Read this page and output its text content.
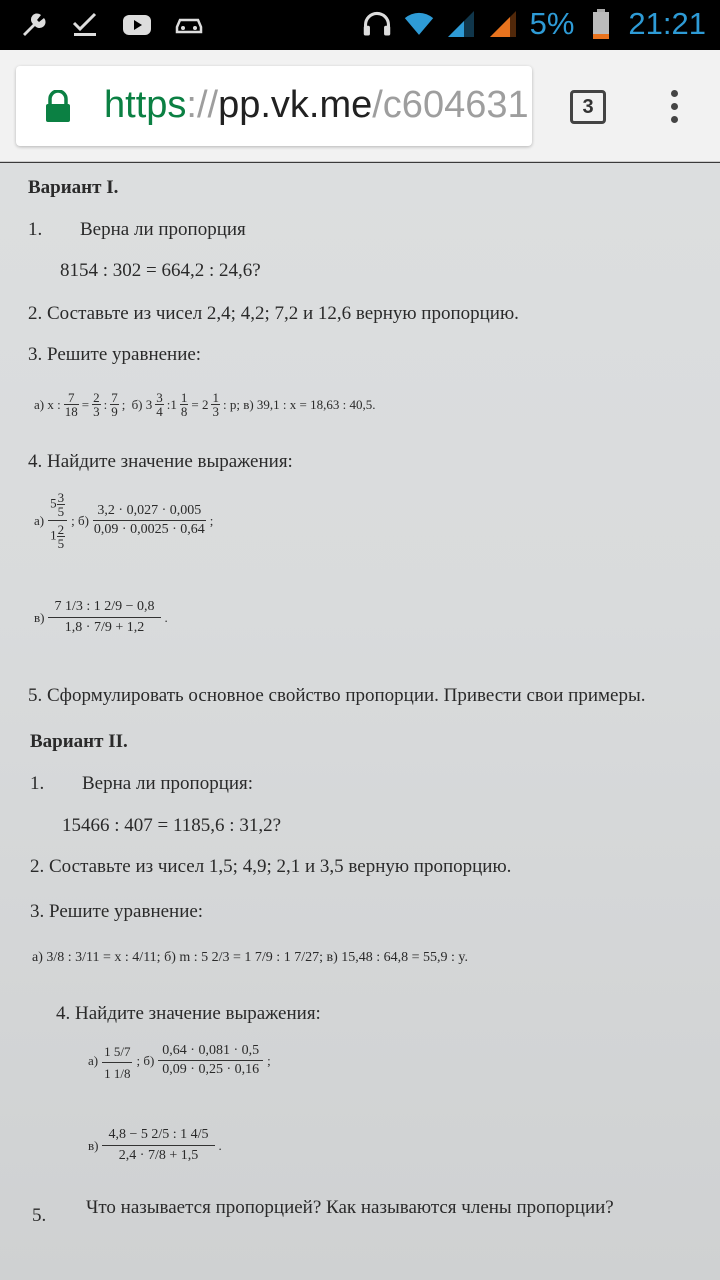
5% 21:21
https://pp.vk.me/c604631	3
Вариант I.
1. Верна ли пропорция
8154 : 302 = 664,2 : 24,6?
2. Составьте из чисел 2,4; 4,2; 7,2 и 12,6 верную пропорцию.
3. Решите уравнение:
а) x : $\frac{7}{18} = \frac{2}{3}$ : $\frac{7}{9}$ ; б) $3 \frac{3}{4}$ :1 $\frac{1}{8} = 2 \frac{1}{3}$ : p; в) 39,1 : x = 18,63 : 40,5.
4. Найдите значение выражения:
$а) \frac{5 \frac{3}{5}}{1 \frac{2}{5}}$ ; $б) \frac{3,2 \cdot 0,027 \cdot 0,005}{0,09 \cdot 0,0025 \cdot 0,64}$ ;
$в) \frac{7 1/3 : 1 2/9 - 0,8}{1,8 \cdot 7/9 + 1,2}$ .
5. Сформулировать основное свойство пропорции. Привести свои примеры.
Вариант II.
1. Верна ли пропорция:
15466 : 407 = 1185,6 : 31,2?
2. Составьте из чисел 1,5; 4,9; 2,1 и 3,5 верную пропорцию.
3. Решите уравнение:
а) 3/8 : 3/11 = x : 4/11; б) m : 5 2/3 = 1 7/9 : 1 7/27; в) 15,48 : 64,8 = 55,9 : y.
4. Найдите значение выражения:
$а) \frac{1 5/7}{1 1/8}$ ; $б) \frac{0,64 \cdot 0,081 \cdot 0,5}{0,09 \cdot 0,25 \cdot 0,16}$ ;
$в) \frac{4,8 - 5 2/5 : 1 4/5}{2,4 \cdot 7/8 + 1,5}$ .
5. Что называется пропорцией? Как называются члены пропорции?
